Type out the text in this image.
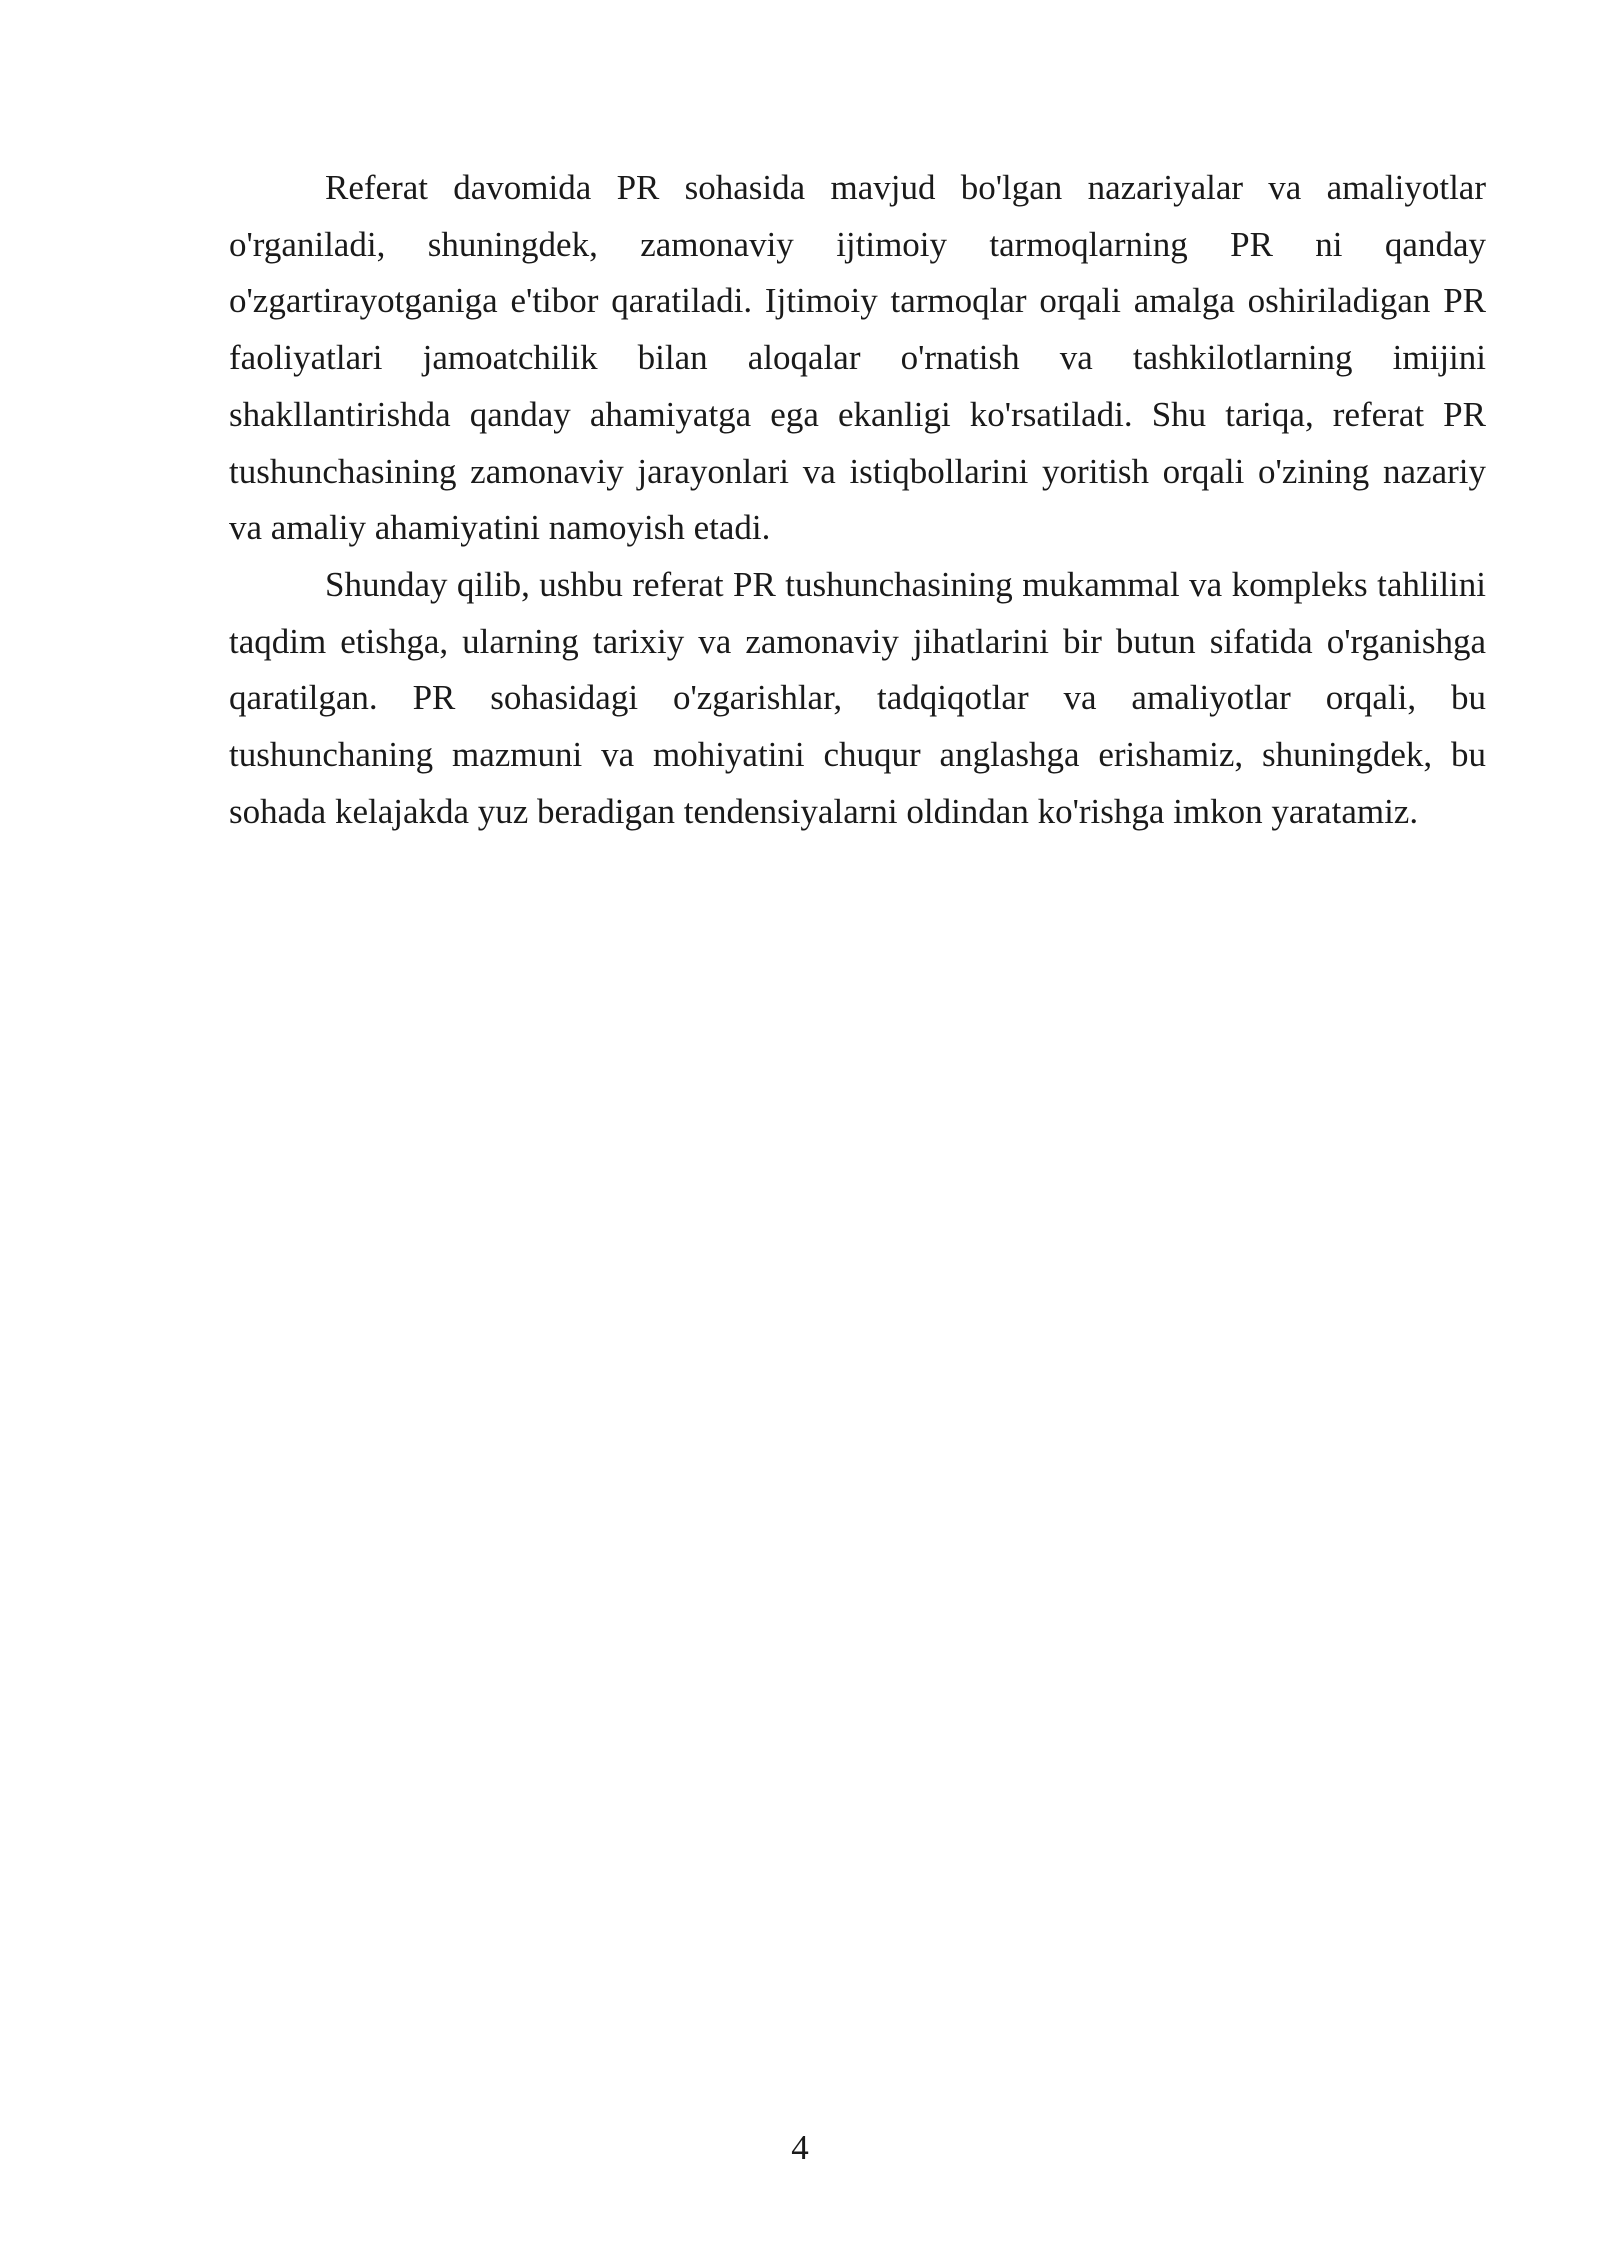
Referat davomida PR sohasida mavjud bo'lgan nazariyalar va amaliyotlar o'rganiladi, shuningdek, zamonaviy ijtimoiy tarmoqlarning PR ni qanday o'zgartirayotganiga e'tibor qaratiladi. Ijtimoiy tarmoqlar orqali amalga oshiriladigan PR faoliyatlari jamoatchilik bilan aloqalar o'rnatish va tashkilotlarning imijini shakllantirishda qanday ahamiyatga ega ekanligi ko'rsatiladi. Shu tariqa, referat PR tushunchasining zamonaviy jarayonlari va istiqbollarini yoritish orqali o'zining nazariy va amaliy ahamiyatini namoyish etadi.

Shunday qilib, ushbu referat PR tushunchasining mukammal va kompleks tahlilini taqdim etishga, ularning tarixiy va zamonaviy jihatlarini bir butun sifatida o'rganishga qaratilgan. PR sohasidagi o'zgarishlar, tadqiqotlar va amaliyotlar orqali, bu tushunchaning mazmuni va mohiyatini chuqur anglashga erishamiz, shuningdek, bu sohada kelajakda yuz beradigan tendensiyalarni oldindan ko'rishga imkon yaratamiz.

4
